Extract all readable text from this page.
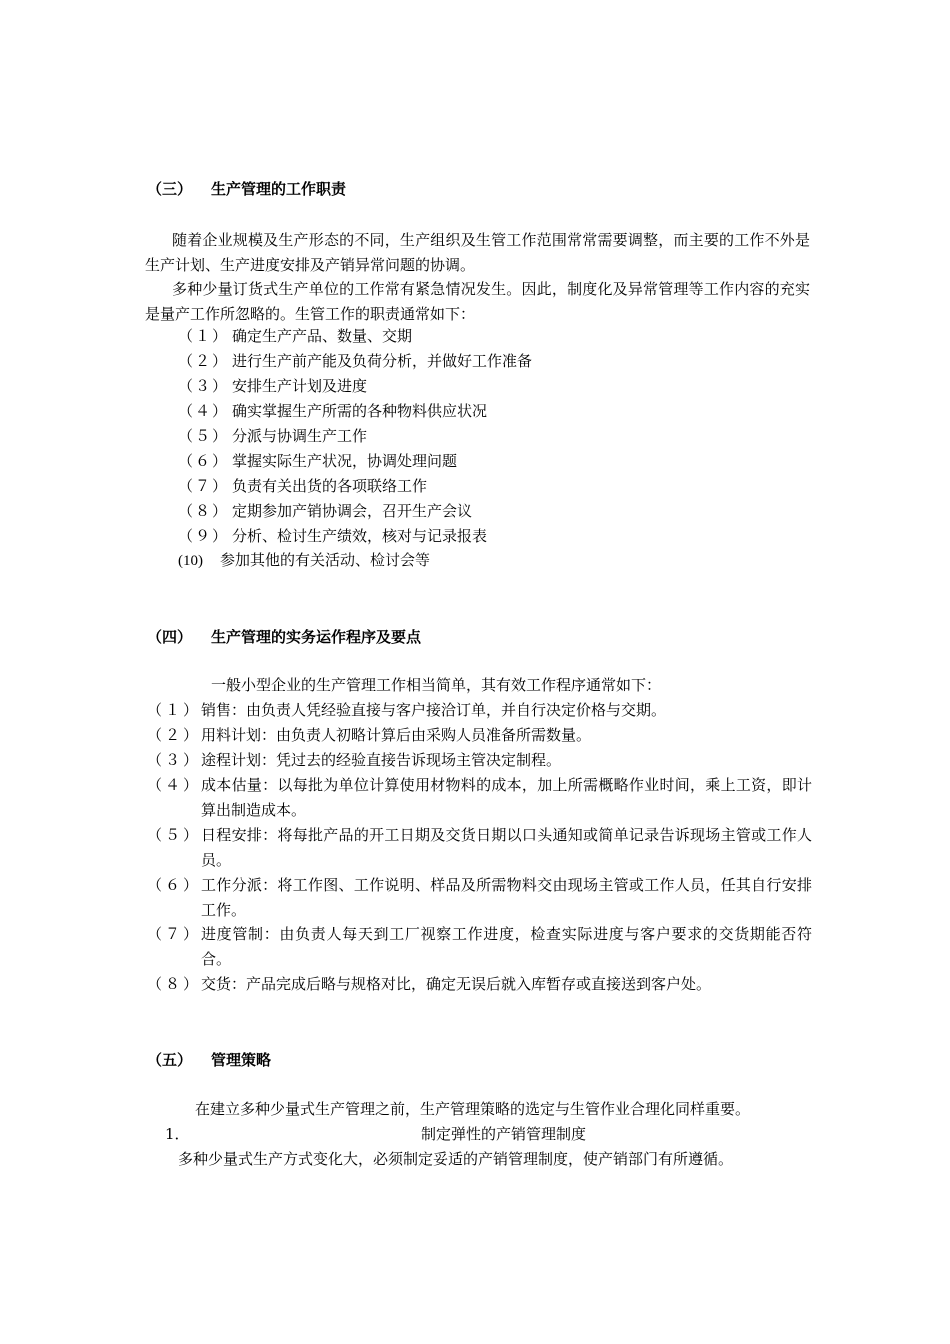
（三） 生产管理的工作职责
随着企业规模及生产形态的不同，生产组织及生管工作范围常常需要调整，而主要的工作不外是生产计划、生产进度安排及产销异常问题的协调。
多种少量订货式生产单位的工作常有紧急情况发生。因此，制度化及异常管理等工作内容的充实是量产工作所忽略的。生管工作的职责通常如下：
（１） 确定生产产品、数量、交期
（２） 进行生产前产能及负荷分析，并做好工作准备
（３） 安排生产计划及进度
（４） 确实掌握生产所需的各种物料供应状况
（５） 分派与协调生产工作
（６） 掌握实际生产状况，协调处理问题
（７） 负责有关出货的各项联络工作
（８） 定期参加产销协调会，召开生产会议
（９） 分析、检讨生产绩效，核对与记录报表
(10) 参加其他的有关活动、检讨会等
（四） 生产管理的实务运作程序及要点
一般小型企业的生产管理工作相当简单，其有效工作程序通常如下：
（１） 销售：由负责人凭经验直接与客户接洽订单，并自行决定价格与交期。
（２） 用料计划：由负责人初略计算后由采购人员准备所需数量。
（３） 途程计划：凭过去的经验直接告诉现场主管决定制程。
（４） 成本估量：以每批为单位计算使用材物料的成本，加上所需概略作业时间，乘上工资，即计算出制造成本。
（５） 日程安排：将每批产品的开工日期及交货日期以口头通知或简单记录告诉现场主管或工作人员。
（６） 工作分派：将工作图、工作说明、样品及所需物料交由现场主管或工作人员，任其自行安排工作。
（７） 进度管制：由负责人每天到工厂视察工作进度，检查实际进度与客户要求的交货期能否符合。
（８） 交货：产品完成后略与规格对比，确定无误后就入库暂存或直接送到客户处。
（五） 管理策略
在建立多种少量式生产管理之前，生产管理策略的选定与生管作业合理化同样重要。
1．	制定弹性的产销管理制度
多种少量式生产方式变化大，必须制定妥适的产销管理制度，使产销部门有所遵循。
